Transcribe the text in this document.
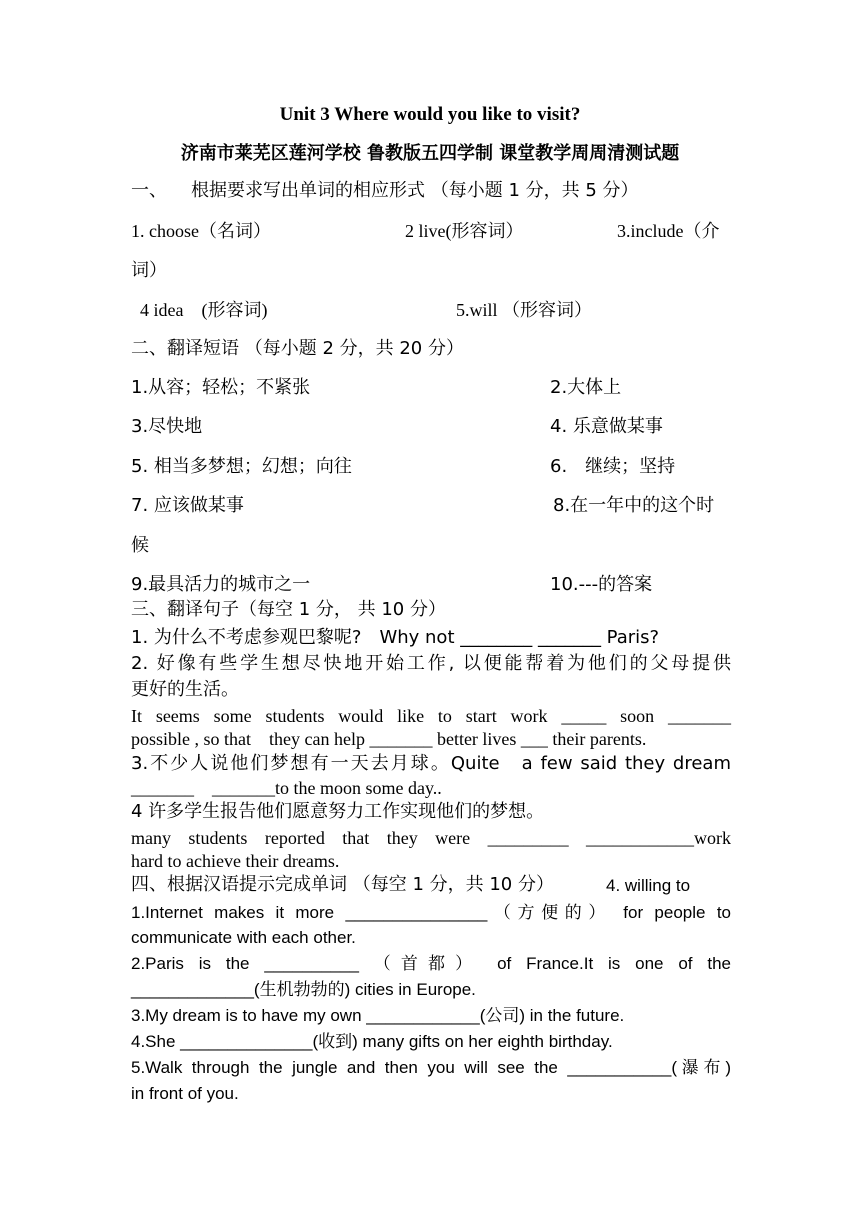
Unit 3 Where would you like to visit?
济南市莱芜区莲河学校 鲁教版五四学制 课堂教学周周清测试题
一、 根据要求写出单词的相应形式 （每小题 1 分，共 5 分）
1. choose（名词）	2 live(形容词）	3.include（介
词）
4 idea　(形容词)	5.will （形容词）
二、翻译短语 （每小题 2 分，共 20 分）
1.从容；轻松；不紧张	2.大体上
3.尽快地	4. 乐意做某事
5. 相当多梦想；幻想；向往	6.　继续；坚持
7. 应该做某事	8.在一年中的这个时
候
9.最具活力的城市之一	10.---的答案
三、翻译句子（每空 1 分， 共 10 分）
1. 为什么不考虑参观巴黎呢?　Why not ________ _______ Paris?
2. 好像有些学生想尽快地开始工作, 以便能帮着为他们的父母提供
更好的生活。
It seems some students would like to start work _____ soon _______
possible , so that　they can help _______ better lives ___ their parents.
3.不少人说他们梦想有一天去月球。Quite　a few said they dream
_______　_______to the moon some day..
4 许多学生报告他们愿意努力工作实现他们的梦想。
many students reported that they were _________ ____________work
hard to achieve their dreams.
四、根据汉语提示完成单词 （每空 1 分，共 10 分）	4. willing to
1.Internet makes it more _______________（方便的） for people to
communicate with each other.
2.Paris is the __________ （首都） of France.It is one of the
_____________(生机勃勃的) cities in Europe.
3.My dream is to have my own ____________(公司) in the future.
4.She ______________(收到) many gifts on her eighth birthday.
5.Walk through the jungle and then you will see the ___________(瀑布)
in front of you.
